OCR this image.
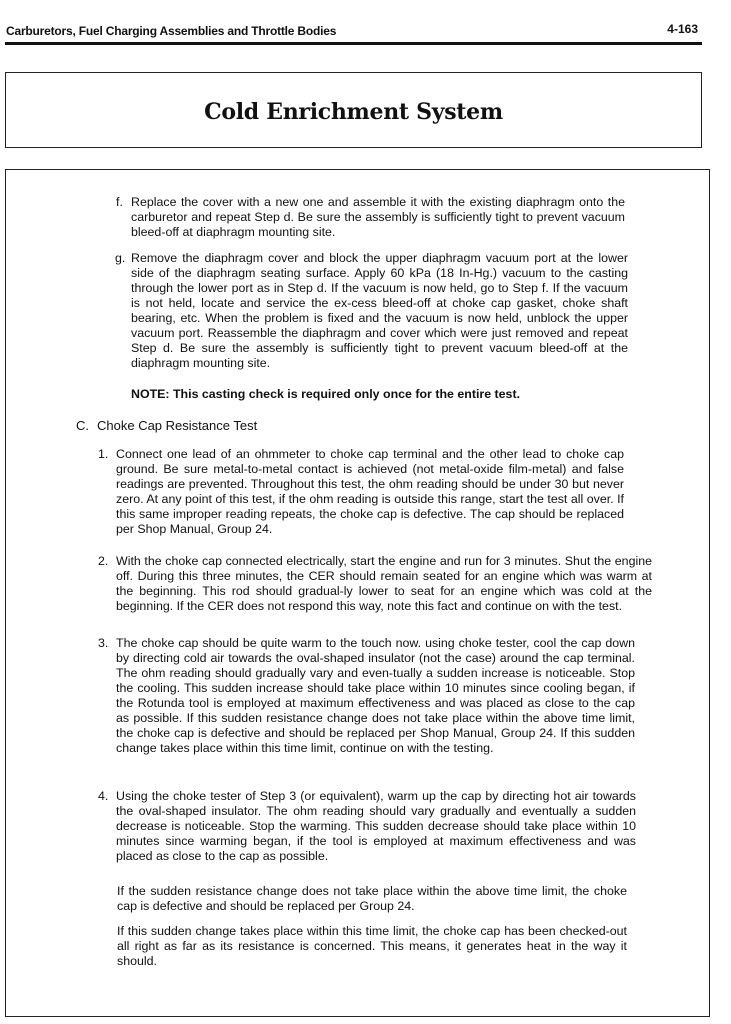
Carburetors, Fuel Charging Assemblies and Throttle Bodies	4-163
Cold Enrichment System
f. Replace the cover with a new one and assemble it with the existing diaphragm onto the carburetor and repeat Step d. Be sure the assembly is sufficiently tight to prevent vacuum bleed-off at diaphragm mounting site.
g. Remove the diaphragm cover and block the upper diaphragm vacuum port at the lower side of the diaphragm seating surface. Apply 60 kPa (18 In-Hg.) vacuum to the casting through the lower port as in Step d. If the vacuum is now held, go to Step f. If the vacuum is not held, locate and service the ex-cess bleed-off at choke cap gasket, choke shaft bearing, etc. When the problem is fixed and the vacuum is now held, unblock the upper vacuum port. Reassemble the diaphragm and cover which were just removed and repeat Step d. Be sure the assembly is sufficiently tight to prevent vacuum bleed-off at the diaphragm mounting site.
NOTE: This casting check is required only once for the entire test.
C. Choke Cap Resistance Test
1. Connect one lead of an ohmmeter to choke cap terminal and the other lead to choke cap ground. Be sure metal-to-metal contact is achieved (not metal-oxide film-metal) and false readings are prevented. Throughout this test, the ohm reading should be under 30 but never zero. At any point of this test, if the ohm reading is outside this range, start the test all over. If this same improper reading repeats, the choke cap is defective. The cap should be replaced per Shop Manual, Group 24.
2. With the choke cap connected electrically, start the engine and run for 3 minutes. Shut the engine off. During this three minutes, the CER should remain seated for an engine which was warm at the beginning. This rod should gradual-ly lower to seat for an engine which was cold at the beginning. If the CER does not respond this way, note this fact and continue on with the test.
3. The choke cap should be quite warm to the touch now. using choke tester, cool the cap down by directing cold air towards the oval-shaped insulator (not the case) around the cap terminal. The ohm reading should gradually vary and even-tually a sudden increase is noticeable. Stop the cooling. This sudden increase should take place within 10 minutes since cooling began, if the Rotunda tool is employed at maximum effectiveness and was placed as close to the cap as possible. If this sudden resistance change does not take place within the above time limit, the choke cap is defective and should be replaced per Shop Manual, Group 24. If this sudden change takes place within this time limit, continue on with the testing.
4. Using the choke tester of Step 3 (or equivalent), warm up the cap by directing hot air towards the oval-shaped insulator. The ohm reading should vary gradually and eventually a sudden decrease is noticeable. Stop the warming. This sudden decrease should take place within 10 minutes since warming began, if the tool is employed at maximum effectiveness and was placed as close to the cap as possible.
If the sudden resistance change does not take place within the above time limit, the choke cap is defective and should be replaced per Group 24.
If this sudden change takes place within this time limit, the choke cap has been checked-out all right as far as its resistance is concerned. This means, it generates heat in the way it should.
